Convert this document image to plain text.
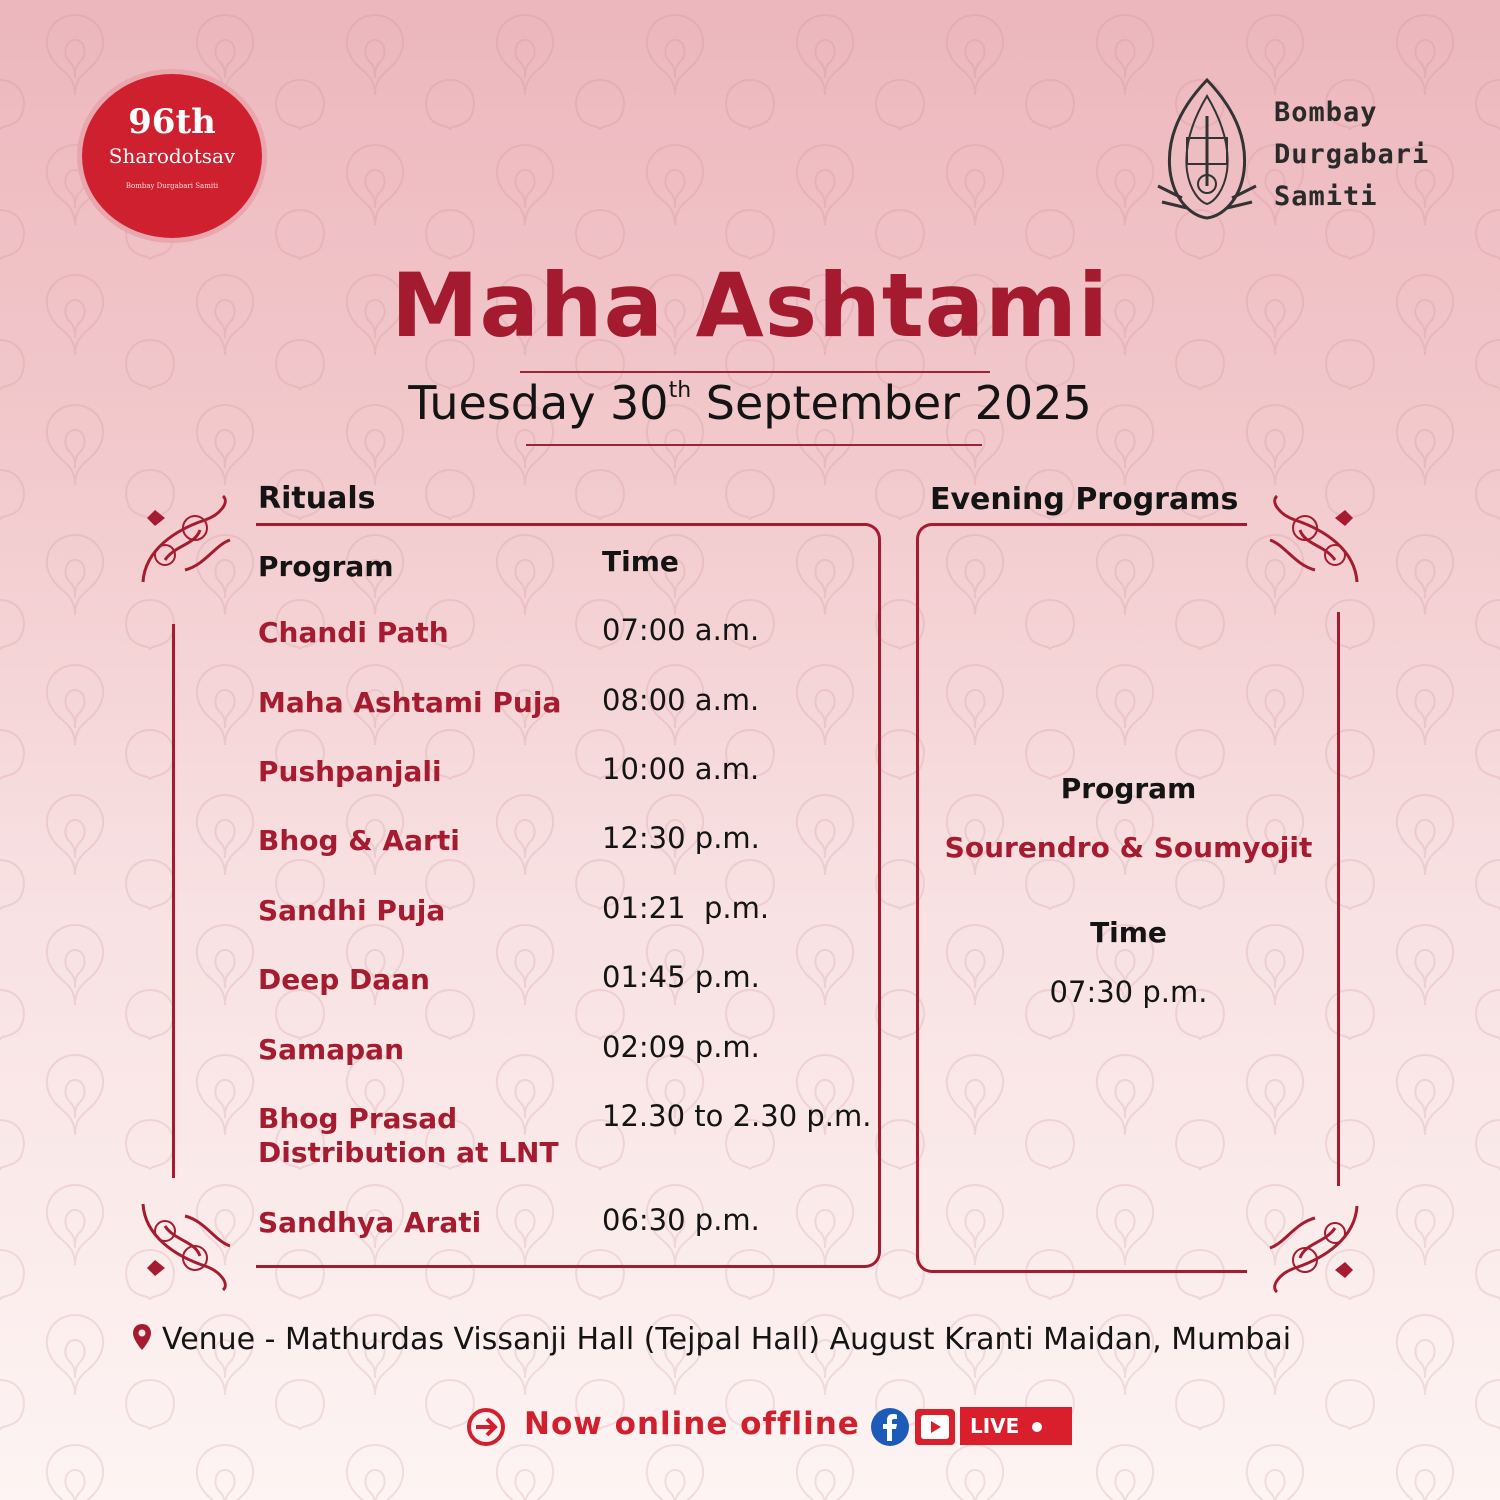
96th
Sharodotsav
Bombay Durgabari Samiti
Bombay
Durgabari
Samiti
Maha Ashtami
Tuesday 30th September 2025
Rituals
Program	Time
Chandi Path	07:00 a.m.
Maha Ashtami Puja 08:00 a.m.
Pushpanjali	10:00 a.m.
Bhog & Aarti	12:30 p.m.
Sandhi Puja	01:21  p.m.
Deep Daan	01:45 p.m.
Samapan	02:09 p.m.
Bhog Prasad
Distribution at LNT
12.30 to 2.30 p.m.
Sandhya Arati	06:30 p.m.
Evening Programs
Program
Sourendro & Soumyojit
Time
07:30 p.m.
Venue - Mathurdas Vissanji Hall (Tejpal Hall) August Kranti Maidan, Mumbai
Now online offline	LIVE
